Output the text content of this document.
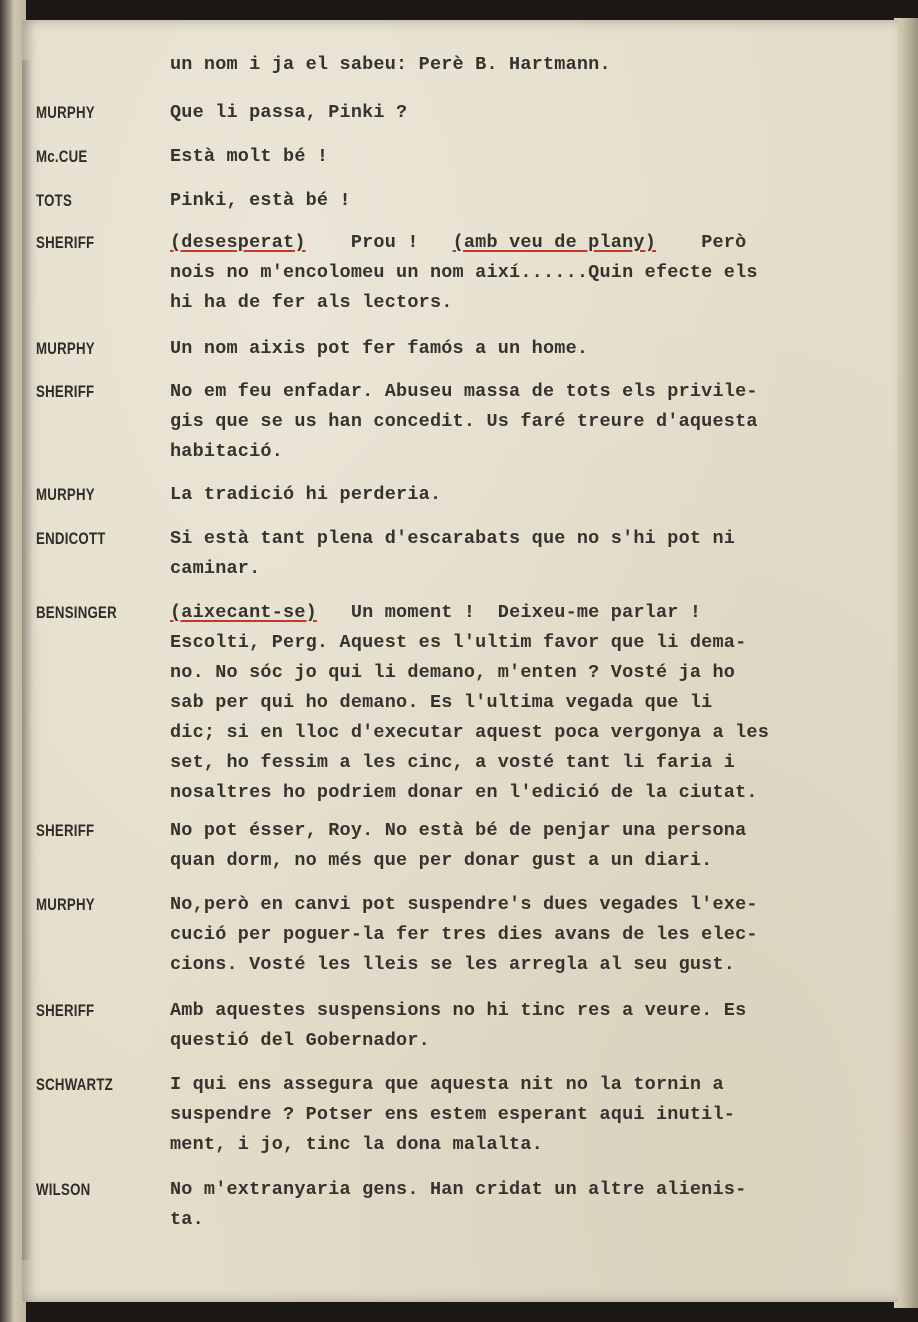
un nom i ja el sabeu: Perè B. Hartmann.
MURPHY	Que li passa, Pinki ?
Mc.CUE	Està molt bé !
TOTS	Pinki, està bé !
SHERIFF	(desesperat)    Prou !   (amb veu de plany)    Però
nois no m'encolomeu un nom així......Quin efecte els
hi ha de fer als lectors.
MURPHY	Un nom aixis pot fer famós a un home.
SHERIFF	No em feu enfadar. Abuseu massa de tots els privile-
gis que se us han concedit. Us faré treure d'aquesta
habitació.
MURPHY	La tradició hi perderia.
ENDICOTT	Si està tant plena d'escarabats que no s'hi pot ni
caminar.
BENSINGER	(aixecant-se)   Un moment !  Deixeu-me parlar !
Escolti, Perg. Aquest es l'ultim favor que li dema-
no. No sóc jo qui li demano, m'enten ? Vosté ja ho
sab per qui ho demano. Es l'ultima vegada que li
dic; si en lloc d'executar aquest poca vergonya a les
set, ho fessim a les cinc, a vosté tant li faria i
nosaltres ho podriem donar en l'edició de la ciutat.
SHERIFF	No pot ésser, Roy. No està bé de penjar una persona
quan dorm, no més que per donar gust a un diari.
MURPHY	No,però en canvi pot suspendre's dues vegades l'exe-
cució per poguer-la fer tres dies avans de les elec-
cions. Vosté les lleis se les arregla al seu gust.
SHERIFF	Amb aquestes suspensions no hi tinc res a veure. Es
questió del Gobernador.
SCHWARTZ	I qui ens assegura que aquesta nit no la tornin a
suspendre ? Potser ens estem esperant aqui inutil-
ment, i jo, tinc la dona malalta.
WILSON	No m'extranyaria gens. Han cridat un altre alienis-
ta.
